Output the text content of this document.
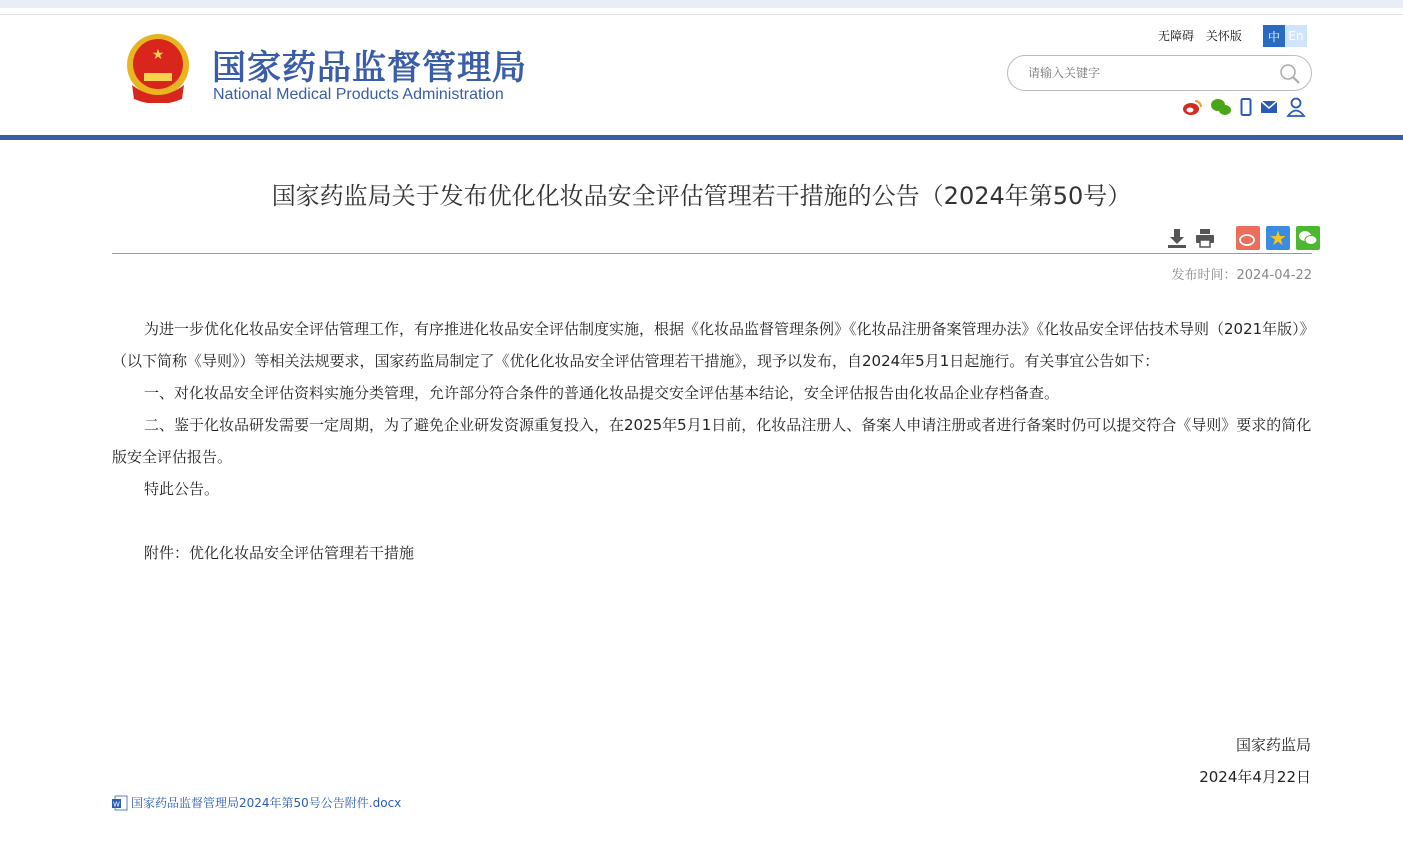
★ 国家药品监督管理局
National Medical Products Administration
无障碍 关怀版	中 En
请输入关键字
国家药监局关于发布优化化妆品安全评估管理若干措施的公告（2024年第50号）
★
发布时间：2024-04-22

为进一步优化化妆品安全评估管理工作，有序推进化妆品安全评估制度实施，根据《化妆品监督管理条例》《化妆品注册备案管理办法》《化妆品安全评估技术导则（2021年版）》（以下简称《导则》）等相关法规要求，国家药监局制定了《优化化妆品安全评估管理若干措施》，现予以发布，自2024年5月1日起施行。有关事宜公告如下：

一、对化妆品安全评估资料实施分类管理，允许部分符合条件的普通化妆品提交安全评估基本结论，安全评估报告由化妆品企业存档备查。

二、鉴于化妆品研发需要一定周期，为了避免企业研发资源重复投入，在2025年5月1日前，化妆品注册人、备案人申请注册或者进行备案时仍可以提交符合《导则》要求的简化版安全评估报告。

特此公告。

附件：优化化妆品安全评估管理若干措施

国家药监局
2024年4月22日
W 国家药品监督管理局2024年第50号公告附件.docx
